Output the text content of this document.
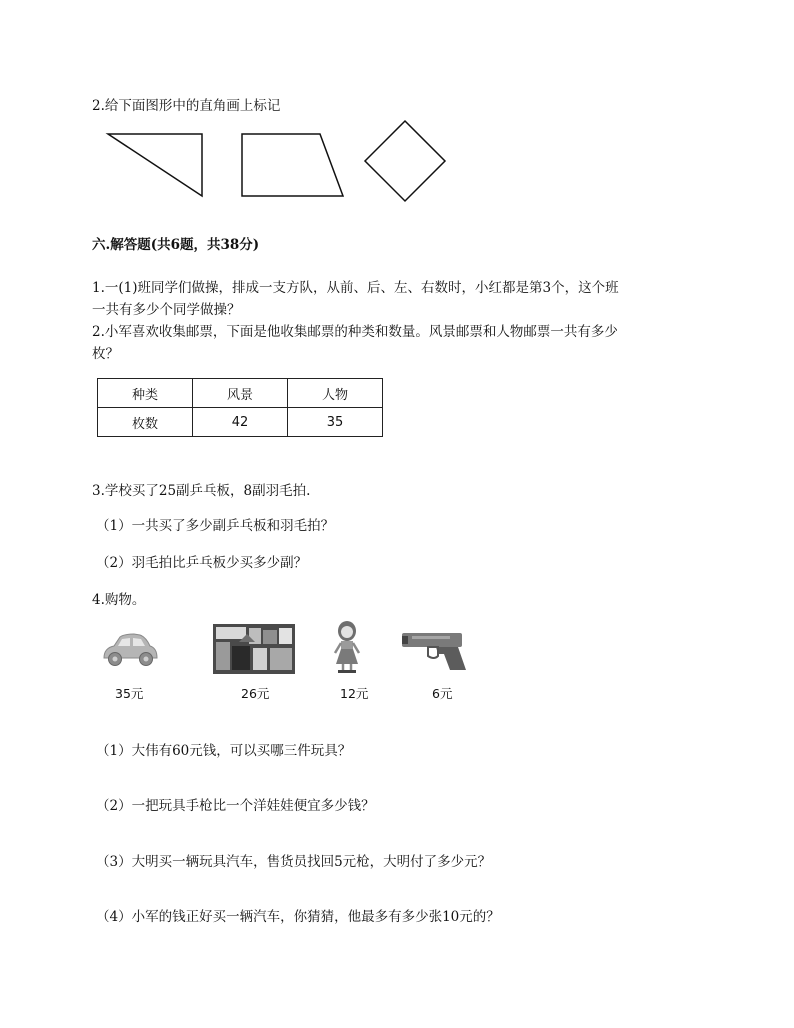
2.给下面图形中的直角画上标记
六.解答题(共6题，共38分)
1.一(1)班同学们做操，排成一支方队，从前、后、左、右数时，小红都是第3个，这个班
一共有多少个同学做操？
2.小军喜欢收集邮票，下面是他收集邮票的种类和数量。风景邮票和人物邮票一共有多少
枚？
种类	风景	人物
枚数	42	35
3.学校买了25副乒乓板，8副羽毛拍.
（1）一共买了多少副乒乓板和羽毛拍？
（2）羽毛拍比乒乓板少买多少副？
4.购物。
35元	26元	12元	6元
（1）大伟有60元钱，可以买哪三件玩具？
（2）一把玩具手枪比一个洋娃娃便宜多少钱？
（3）大明买一辆玩具汽车，售货员找回5元枪，大明付了多少元？
（4）小军的钱正好买一辆汽车，你猜猜，他最多有多少张10元的？
